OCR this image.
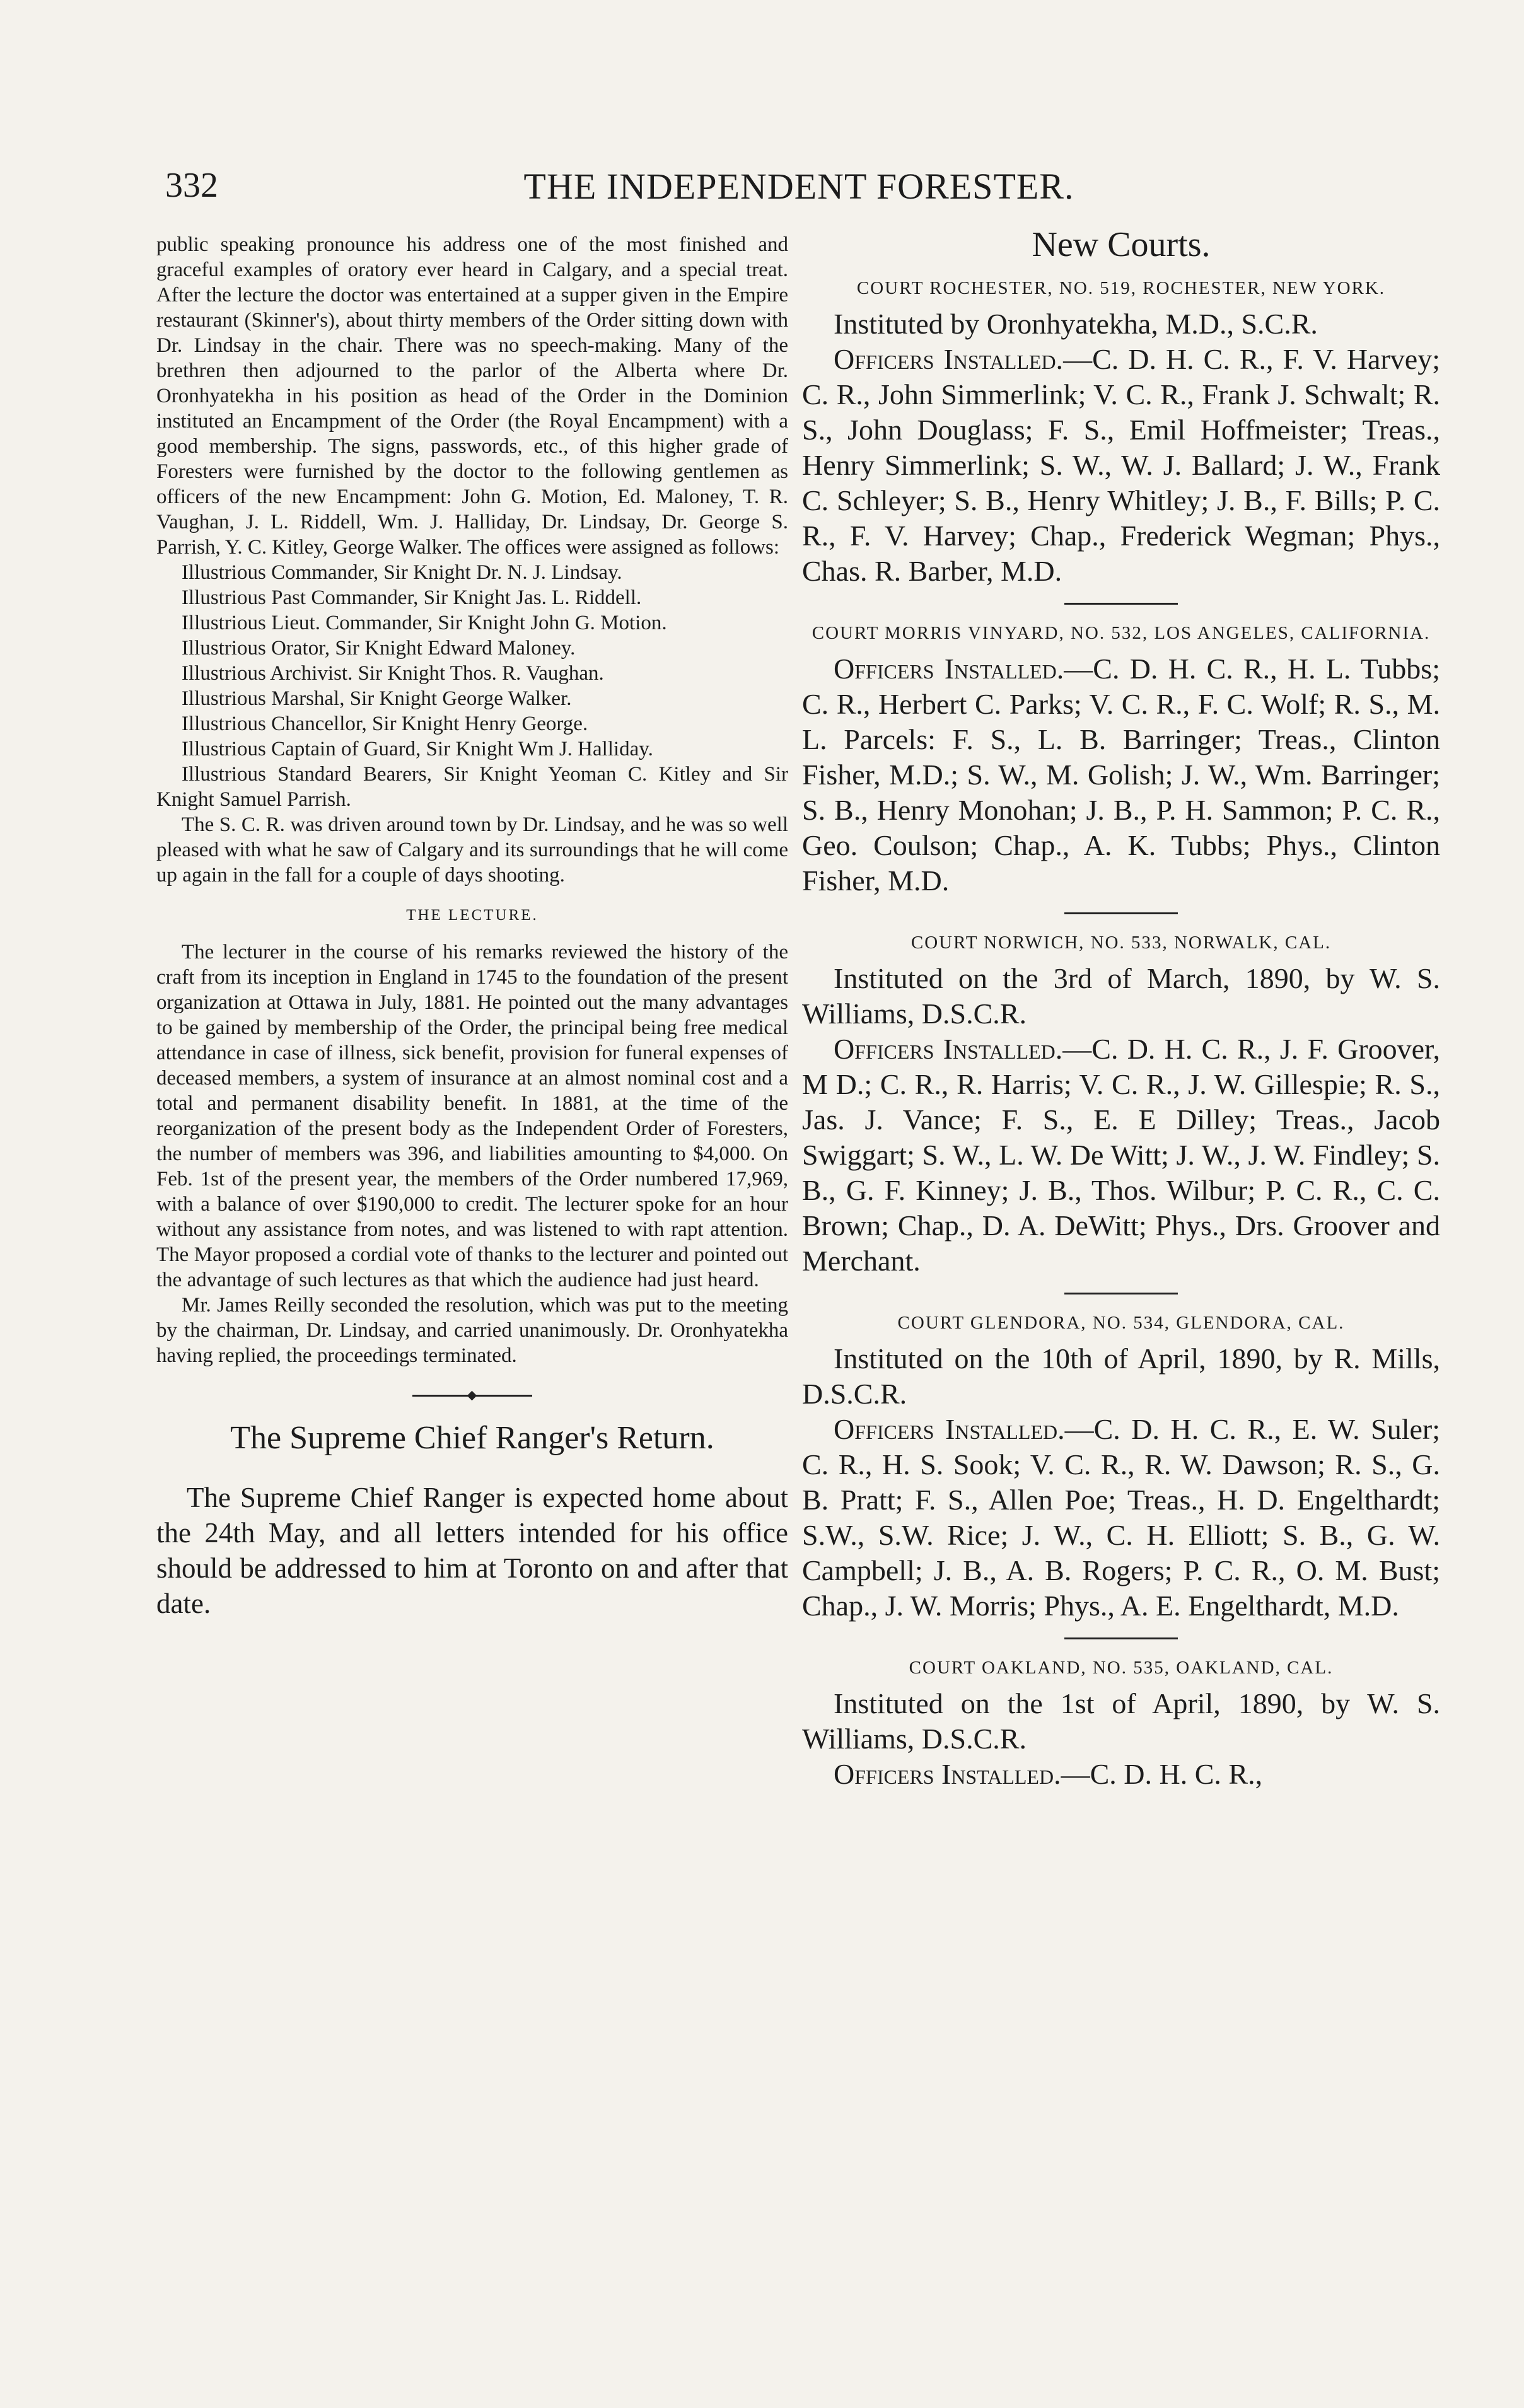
332	THE INDEPENDENT FORESTER.

public speaking pronounce his address one of the most finished and graceful examples of oratory ever heard in Calgary, and a special treat. After the lecture the doctor was entertained at a supper given in the Empire restaurant (Skinner's), about thirty members of the Order sitting down with Dr. Lindsay in the chair. There was no speech-making. Many of the brethren then adjourned to the parlor of the Alberta where Dr. Oronhyatekha in his position as head of the Order in the Dominion instituted an Encampment of the Order (the Royal Encampment) with a good membership. The signs, passwords, etc., of this higher grade of Foresters were furnished by the doctor to the following gentlemen as officers of the new Encampment: John G. Motion, Ed. Maloney, T. R. Vaughan, J. L. Riddell, Wm. J. Halliday, Dr. Lindsay, Dr. George S. Parrish, Y. C. Kitley, George Walker. The offices were assigned as follows:

Illustrious Commander, Sir Knight Dr. N. J. Lindsay.

Illustrious Past Commander, Sir Knight Jas. L. Riddell.

Illustrious Lieut. Commander, Sir Knight John G. Motion.

Illustrious Orator, Sir Knight Edward Maloney.

Illustrious Archivist. Sir Knight Thos. R. Vaughan.

Illustrious Marshal, Sir Knight George Walker.

Illustrious Chancellor, Sir Knight Henry George.

Illustrious Captain of Guard, Sir Knight Wm J. Halliday.

Illustrious Standard Bearers, Sir Knight Yeoman C. Kitley and Sir Knight Samuel Parrish.

The S. C. R. was driven around town by Dr. Lindsay, and he was so well pleased with what he saw of Calgary and its surroundings that he will come up again in the fall for a couple of days shooting.

THE LECTURE.

The lecturer in the course of his remarks reviewed the history of the craft from its inception in England in 1745 to the foundation of the present organization at Ottawa in July, 1881. He pointed out the many advantages to be gained by membership of the Order, the principal being free medical attendance in case of illness, sick benefit, provision for funeral expenses of deceased members, a system of insurance at an almost nominal cost and a total and permanent disability benefit. In 1881, at the time of the reorganization of the present body as the Independent Order of Foresters, the number of members was 396, and liabilities amounting to $4,000. On Feb. 1st of the present year, the members of the Order numbered 17,969, with a balance of over $190,000 to credit. The lecturer spoke for an hour without any assistance from notes, and was listened to with rapt attention. The Mayor proposed a cordial vote of thanks to the lecturer and pointed out the advantage of such lectures as that which the audience had just heard.

Mr. James Reilly seconded the resolution, which was put to the meeting by the chairman, Dr. Lindsay, and carried unanimously. Dr. Oronhyatekha having replied, the proceedings terminated.

The Supreme Chief Ranger's Return.

The Supreme Chief Ranger is expected home about the 24th May, and all letters intended for his office should be addressed to him at Toronto on and after that date.

New Courts.
COURT ROCHESTER, NO. 519, ROCHESTER, NEW YORK.

Instituted by Oronhyatekha, M.D., S.C.R.

Officers Installed.—C. D. H. C. R., F. V. Harvey; C. R., John Simmerlink; V. C. R., Frank J. Schwalt; R. S., John Douglass; F. S., Emil Hoffmeister; Treas., Henry Simmerlink; S. W., W. J. Ballard; J. W., Frank C. Schleyer; S. B., Henry Whitley; J. B., F. Bills; P. C. R., F. V. Harvey; Chap., Frederick Wegman; Phys., Chas. R. Barber, M.D.

COURT MORRIS VINYARD, NO. 532, LOS ANGELES, CALIFORNIA.

Officers Installed.—C. D. H. C. R., H. L. Tubbs; C. R., Herbert C. Parks; V. C. R., F. C. Wolf; R. S., M. L. Parcels: F. S., L. B. Barringer; Treas., Clinton Fisher, M.D.; S. W., M. Golish; J. W., Wm. Barringer; S. B., Henry Monohan; J. B., P. H. Sammon; P. C. R., Geo. Coulson; Chap., A. K. Tubbs; Phys., Clinton Fisher, M.D.

COURT NORWICH, NO. 533, NORWALK, CAL.

Instituted on the 3rd of March, 1890, by W. S. Williams, D.S.C.R.

Officers Installed.—C. D. H. C. R., J. F. Groover, M D.; C. R., R. Harris; V. C. R., J. W. Gillespie; R. S., Jas. J. Vance; F. S., E. E Dilley; Treas., Jacob Swiggart; S. W., L. W. De Witt; J. W., J. W. Findley; S. B., G. F. Kinney; J. B., Thos. Wilbur; P. C. R., C. C. Brown; Chap., D. A. DeWitt; Phys., Drs. Groover and Merchant.

COURT GLENDORA, NO. 534, GLENDORA, CAL.

Instituted on the 10th of April, 1890, by R. Mills, D.S.C.R.

Officers Installed.—C. D. H. C. R., E. W. Suler; C. R., H. S. Sook; V. C. R., R. W. Dawson; R. S., G. B. Pratt; F. S., Allen Poe; Treas., H. D. Engelthardt; S.W., S.W. Rice; J. W., C. H. Elliott; S. B., G. W. Campbell; J. B., A. B. Rogers; P. C. R., O. M. Bust; Chap., J. W. Morris; Phys., A. E. Engelthardt, M.D.

COURT OAKLAND, NO. 535, OAKLAND, CAL.

Instituted on the 1st of April, 1890, by W. S. Williams, D.S.C.R.

Officers Installed.—C. D. H. C. R.,
